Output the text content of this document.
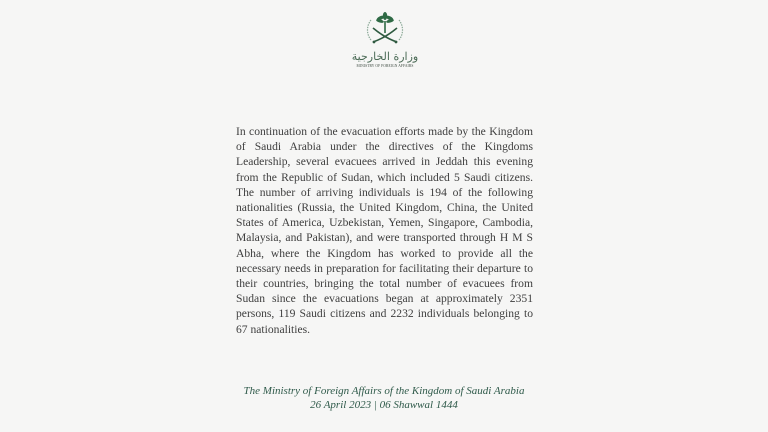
وزارة الخارجية
MINISTRY OF FOREIGN AFFAIRS

In continuation of the evacuation efforts made by the Kingdom of Saudi Arabia under the directives of the Kingdoms Leadership, several evacuees arrived in Jeddah this evening from the Republic of Sudan, which included 5 Saudi citizens. The number of arriving individuals is 194 of the following nationalities (Russia, the United Kingdom, China, the United States of America, Uzbekistan, Yemen, Singapore, Cambodia, Malaysia, and Pakistan), and were transported through H M S Abha, where the Kingdom has worked to provide all the necessary needs in preparation for facilitating their departure to their countries, bringing the total number of evacuees from Sudan since the evacuations began at approximately 2351 persons, 119 Saudi citizens and 2232 individuals belonging to 67 nationalities.

The Ministry of Foreign Affairs of the Kingdom of Saudi Arabia
26 April 2023 | 06 Shawwal 1444
